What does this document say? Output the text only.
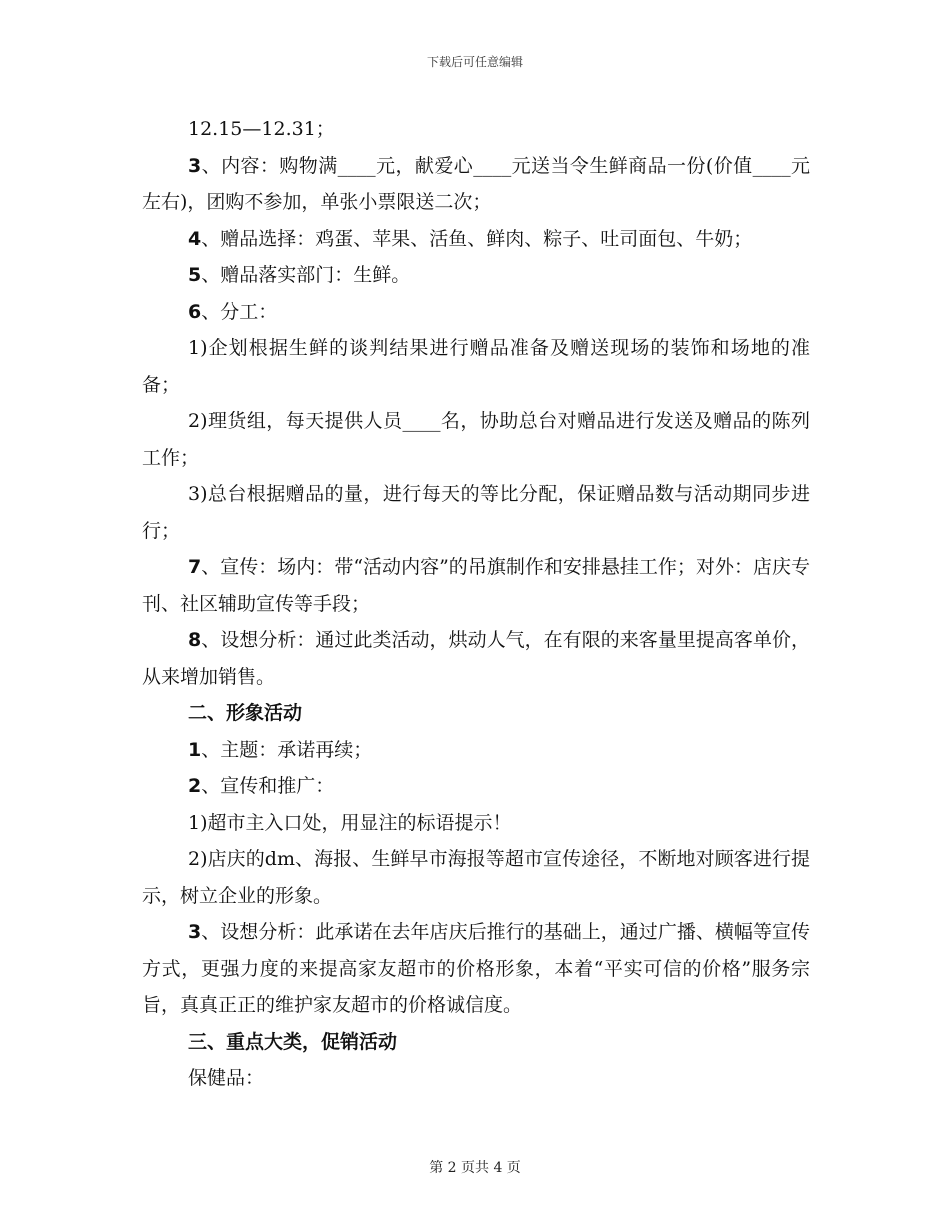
下载后可任意编辑

12.15—12.31；

3、内容：购物满____元，献爱心____元送当令生鲜商品一份(价值____元左右)，团购不参加，单张小票限送二次；

4、赠品选择：鸡蛋、苹果、活鱼、鲜肉、粽子、吐司面包、牛奶；

5、赠品落实部门：生鲜。

6、分工：

1)企划根据生鲜的谈判结果进行赠品准备及赠送现场的装饰和场地的准备；

2)理货组，每天提供人员____名，协助总台对赠品进行发送及赠品的陈列工作；

3)总台根据赠品的量，进行每天的等比分配，保证赠品数与活动期同步进行；

7、宣传：场内：带“活动内容”的吊旗制作和安排悬挂工作；对外：店庆专刊、社区辅助宣传等手段；

8、设想分析：通过此类活动，烘动人气，在有限的来客量里提高客单价，从来增加销售。

二、形象活动

1、主题：承诺再续；

2、宣传和推广：

1)超市主入口处，用显注的标语提示！

2)店庆的dm、海报、生鲜早市海报等超市宣传途径，不断地对顾客进行提示，树立企业的形象。

3、设想分析：此承诺在去年店庆后推行的基础上，通过广播、横幅等宣传方式，更强力度的来提高家友超市的价格形象，本着“平实可信的价格”服务宗旨，真真正正的维护家友超市的价格诚信度。

三、重点大类，促销活动

保健品：

第 2 页共 4 页
